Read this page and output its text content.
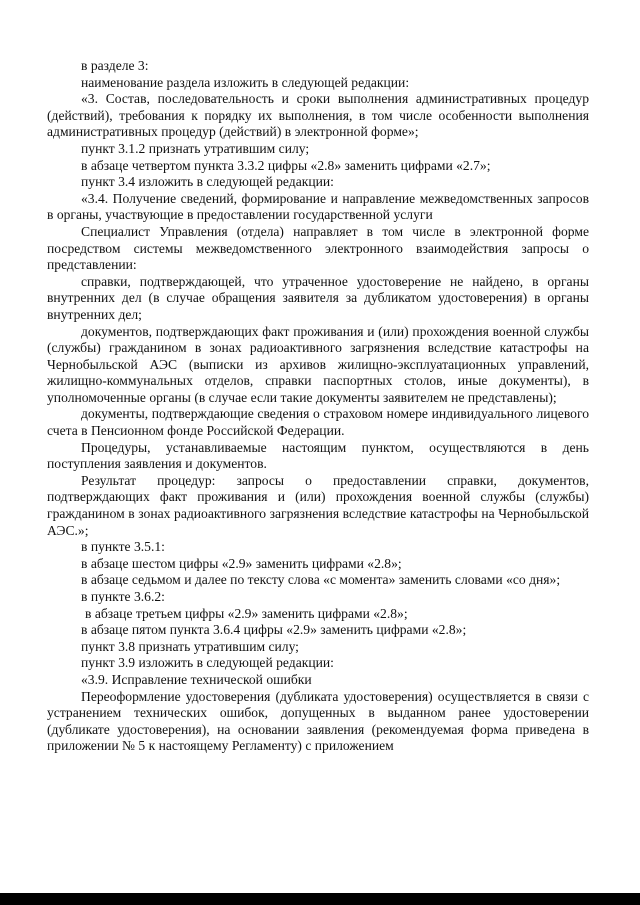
в разделе 3:

наименование раздела изложить в следующей редакции:

«3. Состав, последовательность и сроки выполнения административных процедур (действий), требования к порядку их выполнения, в том числе особенности выполнения административных процедур (действий) в электронной форме»;

пункт 3.1.2 признать утратившим силу;

в абзаце четвертом пункта 3.3.2 цифры «2.8» заменить цифрами «2.7»;

пункт 3.4 изложить в следующей редакции:

«3.4. Получение сведений, формирование и направление межведомственных запросов в органы, участвующие в предоставлении государственной услуги

Специалист Управления (отдела) направляет в том числе в электронной форме посредством системы межведомственного электронного взаимодействия запросы о представлении:

справки, подтверждающей, что утраченное удостоверение не найдено, в органы внутренних дел (в случае обращения заявителя за дубликатом удостоверения) в органы внутренних дел;

документов, подтверждающих факт проживания и (или) прохождения военной службы (службы) гражданином в зонах радиоактивного загрязнения вследствие катастрофы на Чернобыльской АЭС (выписки из архивов жилищно-эксплуатационных управлений, жилищно-коммунальных отделов, справки паспортных столов, иные документы), в уполномоченные органы (в случае если такие документы заявителем не представлены);

документы, подтверждающие сведения о страховом номере индивидуального лицевого счета в Пенсионном фонде Российской Федерации.

Процедуры, устанавливаемые настоящим пунктом, осуществляются в день поступления заявления и документов.

Результат процедур: запросы о предоставлении справки, документов, подтверждающих факт проживания и (или) прохождения военной службы (службы) гражданином в зонах радиоактивного загрязнения вследствие катастрофы на Чернобыльской АЭС.»;

в пункте 3.5.1:

в абзаце шестом цифры «2.9» заменить цифрами «2.8»;

в абзаце седьмом и далее по тексту слова «с момента» заменить словами «со дня»;

в пункте 3.6.2:

в абзаце третьем цифры «2.9» заменить цифрами «2.8»;

в абзаце пятом пункта 3.6.4 цифры «2.9» заменить цифрами «2.8»;

пункт 3.8 признать утратившим силу;

пункт 3.9 изложить в следующей редакции:

«3.9. Исправление технической ошибки

Переоформление удостоверения (дубликата удостоверения) осуществляется в связи с устранением технических ошибок, допущенных в выданном ранее удостоверении (дубликате удостоверения), на основании заявления (рекомендуемая форма приведена в приложении № 5 к настоящему Регламенту) с приложением
